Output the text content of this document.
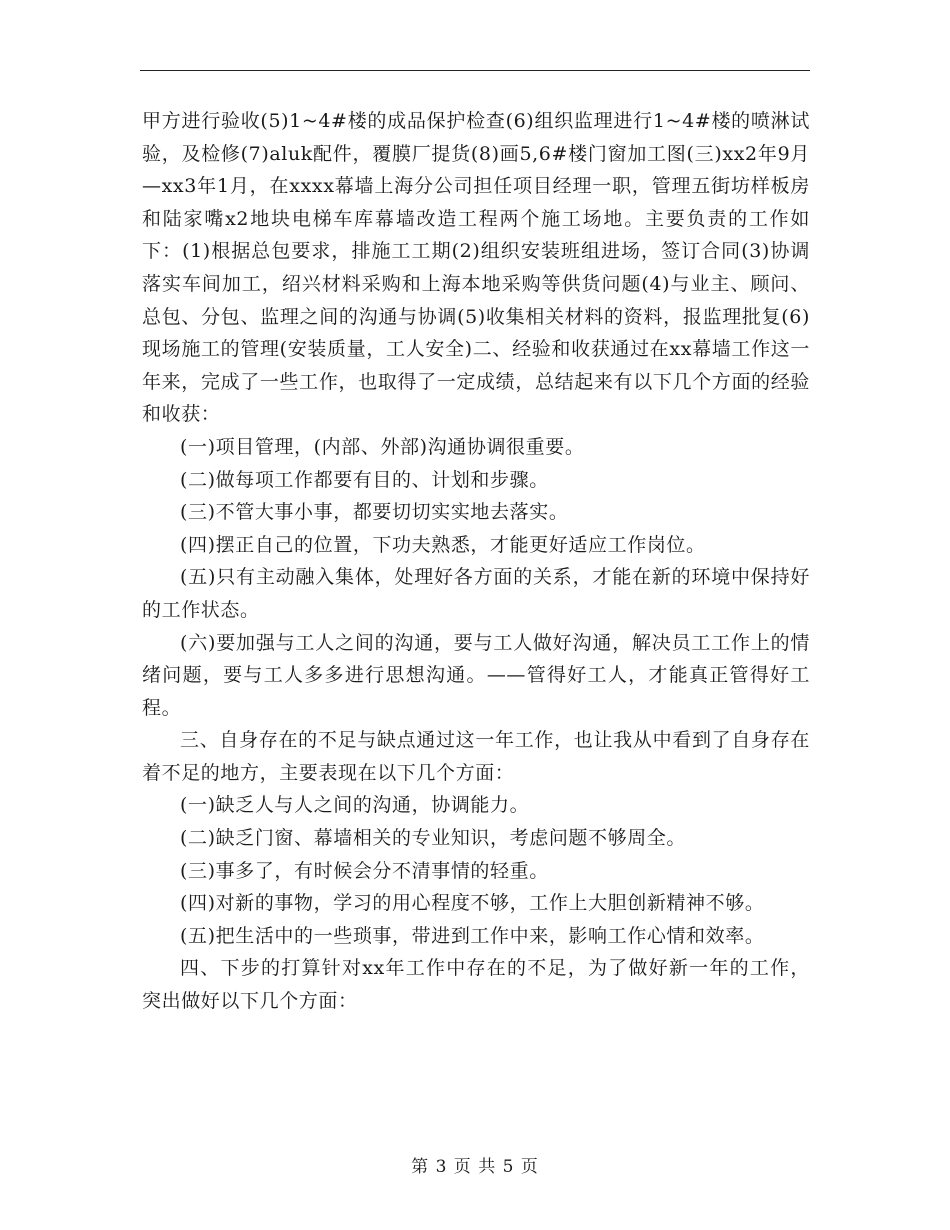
甲方进行验收(5)1~4#楼的成品保护检查(6)组织监理进行1~4#楼的喷淋试验，及检修(7)aluk配件，覆膜厂提货(8)画5,6#楼门窗加工图(三)xx2年9月—xx3年1月，在xxxx幕墙上海分公司担任项目经理一职，管理五街坊样板房和陆家嘴x2地块电梯车库幕墙改造工程两个施工场地。主要负责的工作如下：(1)根据总包要求，排施工工期(2)组织安装班组进场，签订合同(3)协调落实车间加工，绍兴材料采购和上海本地采购等供货问题(4)与业主、顾问、总包、分包、监理之间的沟通与协调(5)收集相关材料的资料，报监理批复(6)现场施工的管理(安装质量，工人安全)二、经验和收获通过在xx幕墙工作这一年来，完成了一些工作，也取得了一定成绩，总结起来有以下几个方面的经验和收获：

(一)项目管理，(内部、外部)沟通协调很重要。

(二)做每项工作都要有目的、计划和步骤。

(三)不管大事小事，都要切切实实地去落实。

(四)摆正自己的位置，下功夫熟悉，才能更好适应工作岗位。

(五)只有主动融入集体，处理好各方面的关系，才能在新的环境中保持好的工作状态。

(六)要加强与工人之间的沟通，要与工人做好沟通，解决员工工作上的情绪问题，要与工人多多进行思想沟通。——管得好工人，才能真正管得好工程。

三、自身存在的不足与缺点通过这一年工作，也让我从中看到了自身存在着不足的地方，主要表现在以下几个方面：

(一)缺乏人与人之间的沟通，协调能力。

(二)缺乏门窗、幕墙相关的专业知识，考虑问题不够周全。

(三)事多了，有时候会分不清事情的轻重。

(四)对新的事物，学习的用心程度不够，工作上大胆创新精神不够。

(五)把生活中的一些琐事，带进到工作中来，影响工作心情和效率。

四、下步的打算针对xx年工作中存在的不足，为了做好新一年的工作，突出做好以下几个方面：

第 3 页 共 5 页
